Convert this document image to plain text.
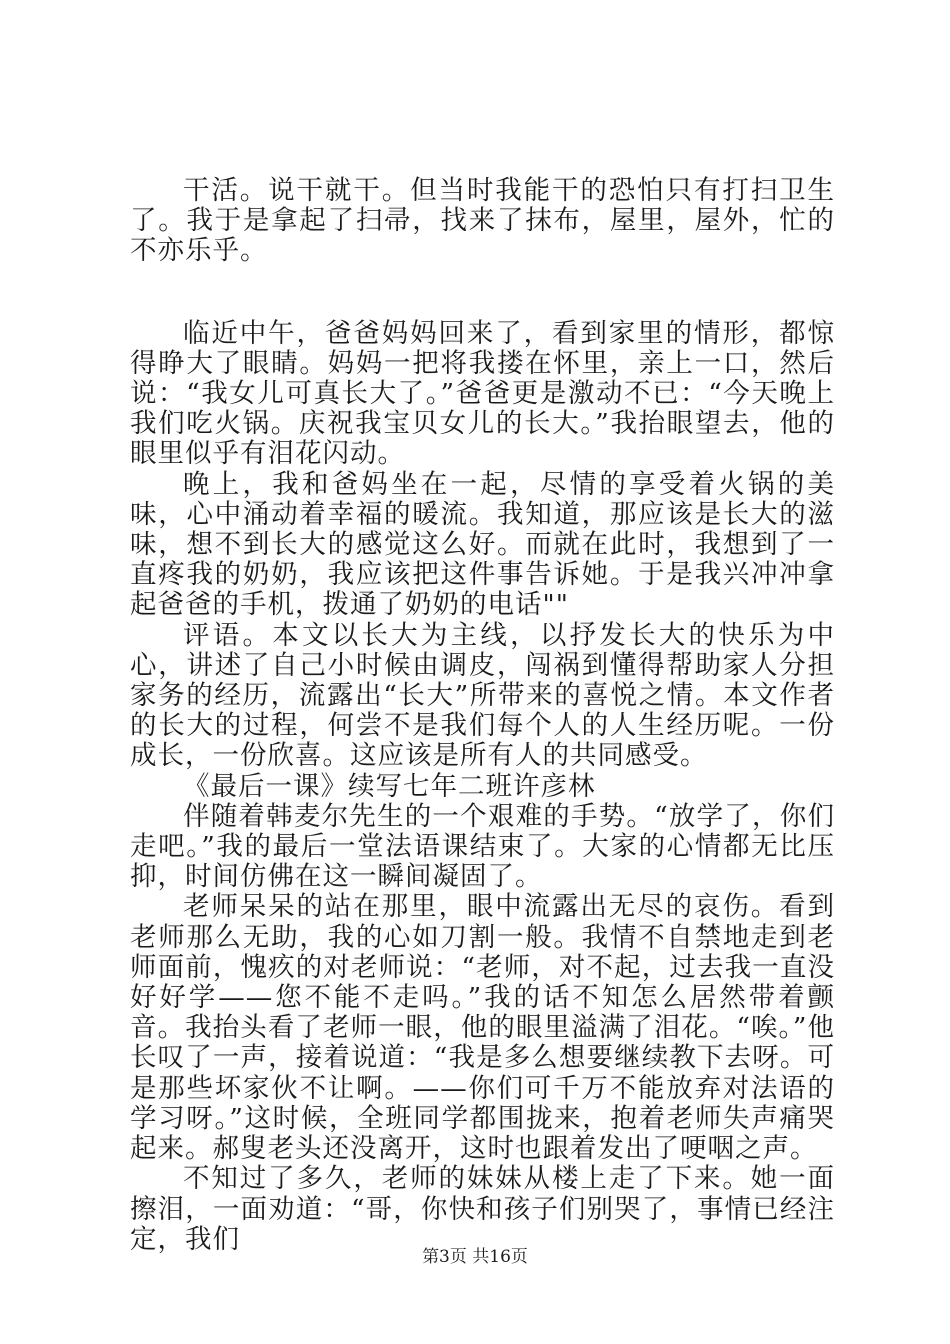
干活。说干就干。但当时我能干的恐怕只有打扫卫生了。我于是拿起了扫帚，找来了抹布，屋里，屋外，忙的不亦乐乎。

临近中午，爸爸妈妈回来了，看到家里的情形，都惊得睁大了眼睛。妈妈一把将我搂在怀里，亲上一口，然后说：“我女儿可真长大了。”爸爸更是激动不已：“今天晚上我们吃火锅。庆祝我宝贝女儿的长大。”我抬眼望去，他的眼里似乎有泪花闪动。

晚上，我和爸妈坐在一起，尽情的享受着火锅的美味，心中涌动着幸福的暖流。我知道，那应该是长大的滋味，想不到长大的感觉这么好。而就在此时，我想到了一直疼我的奶奶，我应该把这件事告诉她。于是我兴冲冲拿起爸爸的手机，拨通了奶奶的电话""

评语。本文以长大为主线，以抒发长大的快乐为中心，讲述了自己小时候由调皮，闯祸到懂得帮助家人分担家务的经历，流露出“长大”所带来的喜悦之情。本文作者的长大的过程，何尝不是我们每个人的人生经历呢。一份成长，一份欣喜。这应该是所有人的共同感受。

《最后一课》续写七年二班许彦林

伴随着韩麦尔先生的一个艰难的手势。“放学了，你们走吧。”我的最后一堂法语课结束了。大家的心情都无比压抑，时间仿佛在这一瞬间凝固了。

老师呆呆的站在那里，眼中流露出无尽的哀伤。看到老师那么无助，我的心如刀割一般。我情不自禁地走到老师面前，愧疚的对老师说：“老师，对不起，过去我一直没好好学——您不能不走吗。”我的话不知怎么居然带着颤音。我抬头看了老师一眼，他的眼里溢满了泪花。“唉。”他长叹了一声，接着说道：“我是多么想要继续教下去呀。可是那些坏家伙不让啊。——你们可千万不能放弃对法语的学习呀。”这时候，全班同学都围拢来，抱着老师失声痛哭起来。郝叟老头还没离开，这时也跟着发出了哽咽之声。

不知过了多久，老师的妹妹从楼上走了下来。她一面擦泪，一面劝道：“哥，你快和孩子们别哭了，事情已经注定，我们

第3页 共16页
